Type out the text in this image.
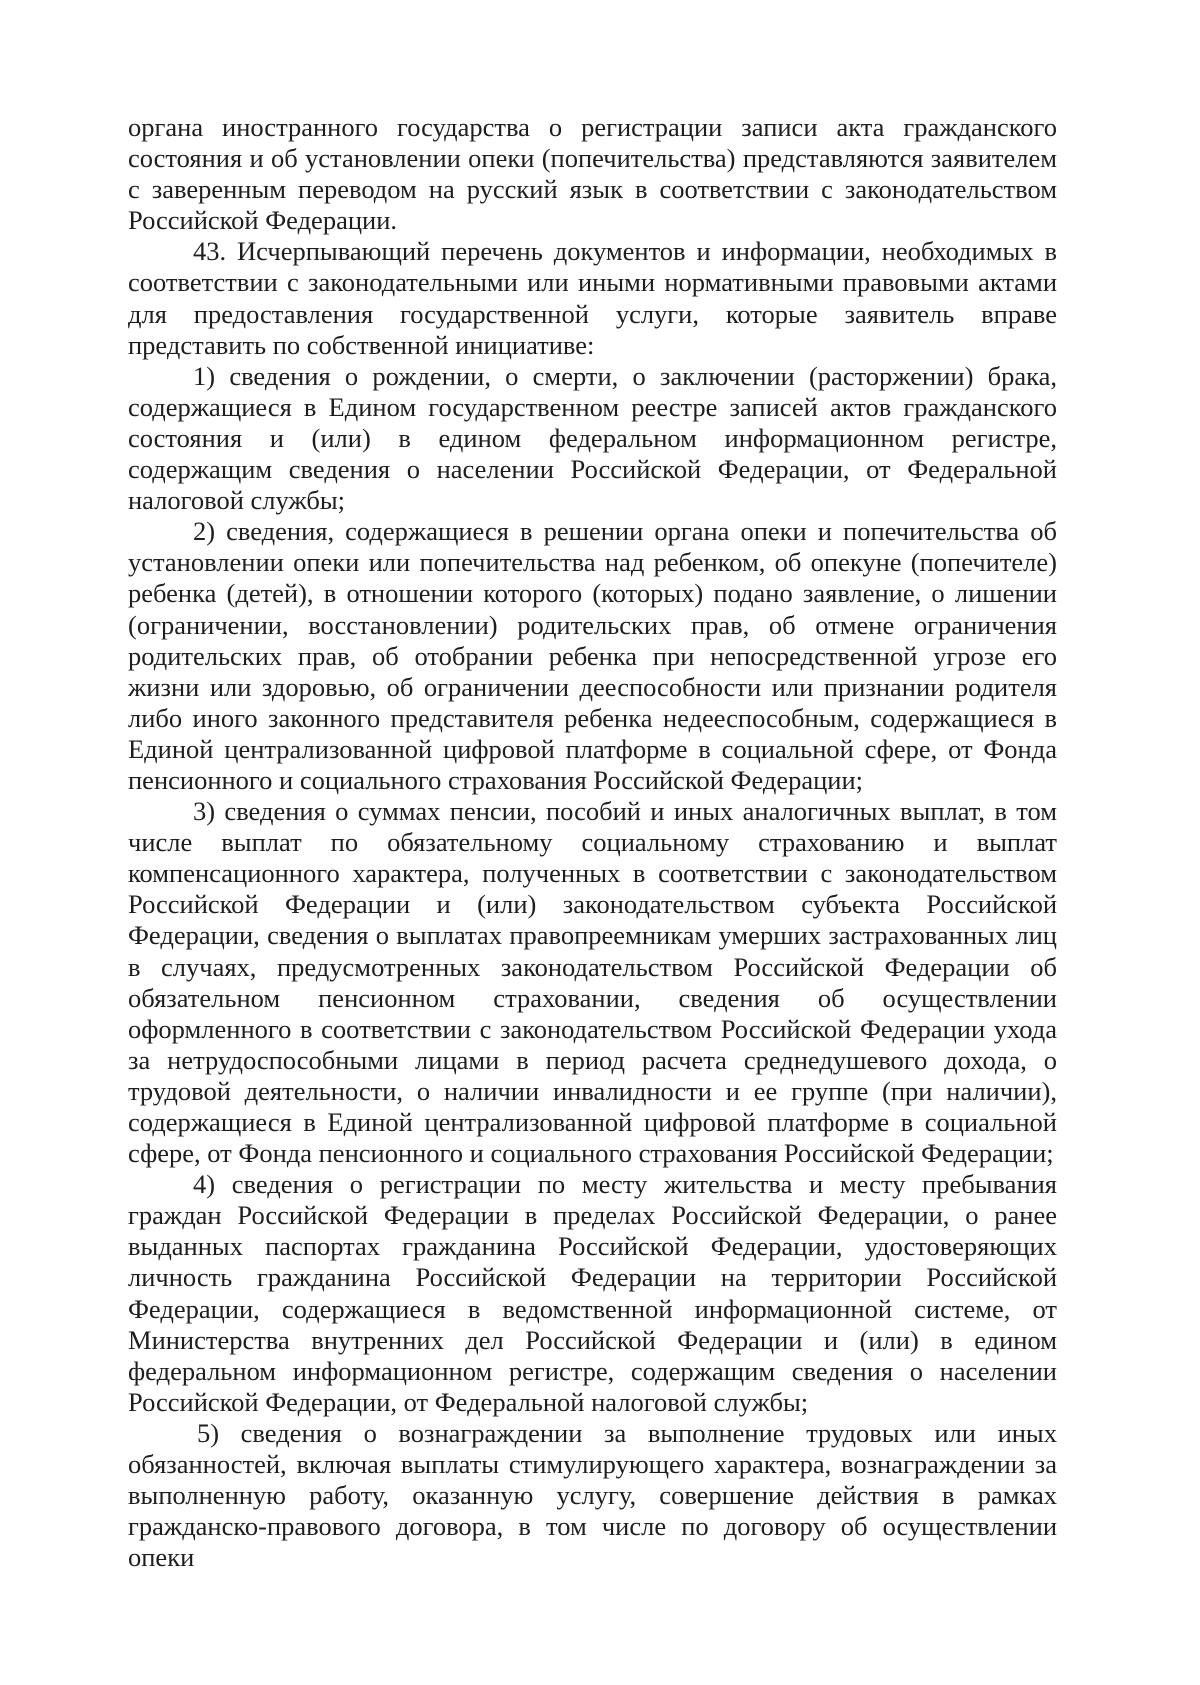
органа иностранного государства о регистрации записи акта гражданского состояния и об установлении опеки (попечительства) представляются заявителем с заверенным переводом на русский язык в соответствии с законодательством Российской Федерации.

43. Исчерпывающий перечень документов и информации, необходимых в соответствии с законодательными или иными нормативными правовыми актами для предоставления государственной услуги, которые заявитель вправе представить по собственной инициативе:

1) сведения о рождении, о смерти, о заключении (расторжении) брака, содержащиеся в Едином государственном реестре записей актов гражданского состояния и (или) в едином федеральном информационном регистре, содержащим сведения о населении Российской Федерации, от Федеральной налоговой службы;

2) сведения, содержащиеся в решении органа опеки и попечительства об установлении опеки или попечительства над ребенком, об опекуне (попечителе) ребенка (детей), в отношении которого (которых) подано заявление, о лишении (ограничении, восстановлении) родительских прав, об отмене ограничения родительских прав, об отобрании ребенка при непосредственной угрозе его жизни или здоровью, об ограничении дееспособности или признании родителя либо иного законного представителя ребенка недееспособным, содержащиеся в Единой централизованной цифровой платформе в социальной сфере, от Фонда пенсионного и социального страхования Российской Федерации;

3) сведения о суммах пенсии, пособий и иных аналогичных выплат, в том числе выплат по обязательному социальному страхованию и выплат компенсационного характера, полученных в соответствии с законодательством Российской Федерации и (или) законодательством субъекта Российской Федерации, сведения о выплатах правопреемникам умерших застрахованных лиц в случаях, предусмотренных законодательством Российской Федерации об обязательном пенсионном страховании, сведения об осуществлении оформленного в соответствии с законодательством Российской Федерации ухода за нетрудоспособными лицами в период расчета среднедушевого дохода, о трудовой деятельности, о наличии инвалидности и ее группе (при наличии), содержащиеся в Единой централизованной цифровой платформе в социальной сфере, от Фонда пенсионного и социального страхования Российской Федерации;

4) сведения о регистрации по месту жительства и месту пребывания граждан Российской Федерации в пределах Российской Федерации, о ранее выданных паспортах гражданина Российской Федерации, удостоверяющих личность гражданина Российской Федерации на территории Российской Федерации, содержащиеся в ведомственной информационной системе, от Министерства внутренних дел Российской Федерации и (или) в едином федеральном информационном регистре, содержащим сведения о населении Российской Федерации, от Федеральной налоговой службы;

5) сведения о вознаграждении за выполнение трудовых или иных обязанностей, включая выплаты стимулирующего характера, вознаграждении за выполненную работу, оказанную услугу, совершение действия в рамках гражданско-правового договора, в том числе по договору об осуществлении опеки
